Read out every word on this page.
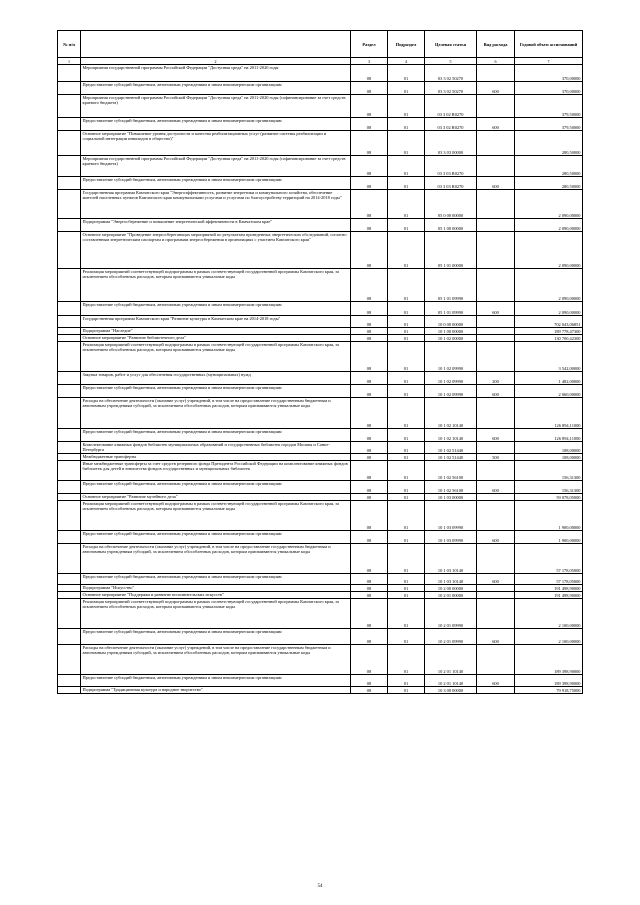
№ п/п		Раздел	Подраздел	Целевая статья	Вид расхода	Годовой объем ассигнований
1	2	3	4	5	6	7
	Мероприятия государственной программы Российской Федерации "Доступная среда" на 2011-2020 годы	08	01	03 3 02 50270		370,00000
	Предоставление субсидий бюджетным, автономным учреждениям и иным некоммерческим организациям	08	01	03 3 02 50270	600	370,00000
	Мероприятия государственной программы Российской Федерации "Доступная среда" на 2011-2020 годы (софинансирование за счет средств краевого бюджета)	08	01	03 3 02 R0270		379,50000
	Предоставление субсидий бюджетным, автономным учреждениям и иным некоммерческим организациям	08	01	03 3 02 R0270	600	379,50000
	Основное мероприятие "Повышение уровня доступности и качества реабилитационных услуг (развитие системы реабилитации и социальной интеграции инвалидов в общество)"	08	01	03 3 03 00000		280,50000
	Мероприятия государственной программы Российской Федерации "Доступная среда" на 2011-2020 годы (софинансирование за счет средств краевого бюджета)	08	01	03 3 03 R0270		280,50000
	Предоставление субсидий бюджетным, автономным учреждениям и иным некоммерческим организациям	08	01	03 3 03 R0270	600	280,50000
	Государственная программа Камчатского края "Энергоэффективность, развитие энергетики и коммунального хозяйства, обеспечение жителей населенных пунктов Камчатского края коммунальными услугами и услугами по благоустройству территорий на 2014-2018 годы"	08	01	05 0 00 00000		2 090,00000
	Подпрограмма "Энергосбережение и повышение энергетической эффективности в Камчатском крае"	08	01	05 1 00 00000		2 090,00000
	Основное мероприятие "Проведение энергосберегающих мероприятий по результатам проведенных энергетических обследований, согласно составленным энергетическим паспортам и программам энергосбережения в организациях с участием Камчатского края"	08	01	05 1 01 00000		2 090,00000
	Реализация мероприятий соответствующей подпрограммы в рамках соответствующей государственной программы Камчатского края, за исключением обособленных расходов, которым присваиваются уникальные коды	08	01	05 1 01 09990		2 090,00000
	Предоставление субсидий бюджетным, автономным учреждениям и иным некоммерческим организациям	08	01	05 1 01 09990	600	2 090,00000
	Государственная программа Камчатского края "Развитие культуры в Камчатском крае на 2014-2018 годы"	08	01	10 0 00 00000		702 043,06851
	Подпрограмма "Наследие"	08	01	10 1 00 00000		189 778,47300
	Основное мероприятие "Развитие библиотечного дела"	08	01	10 1 02 00000		130 700,42300
	Реализация мероприятий соответствующей подпрограммы в рамках соответствующей государственной программы Камчатского края, за исключением обособленных расходов, которым присваиваются уникальные коды	08	01	10 1 02 09990		3 542,00000
	Закупка товаров, работ и услуг для обеспечения государственных (муниципальных) нужд	08	01	10 1 02 09990	200	1 482,00000
	Предоставление субсидий бюджетным, автономным учреждениям и иным некоммерческим организациям	08	01	10 1 02 09990	600	2 060,00000
	Расходы на обеспечение деятельности (оказание услуг) учреждений, в том числе на предоставление государственным бюджетным и автономным учреждениям субсидий, за исключением обособленных расходов, которым присваиваются уникальные коды	08	01	10 1 02 10140		126 894,11000
	Предоставление субсидий бюджетным, автономным учреждениям и иным некоммерческим организациям	08	01	10 1 02 10140	600	126 894,11000
	Комплектование книжных фондов библиотек муниципальных образований и государственных библиотек городов Москвы и Санкт-Петербурга	08	01	10 1 02 51440		108,00000
	Межбюджетные трансферты	08	01	10 1 02 51440	500	108,00000
	Иные межбюджетные трансферты за счет средств резервного фонда Президента Российской Федерации на комплектование книжных фондов библиотек для детей и юношества фондов государственных и муниципальных библиотек	08	01	10 1 02 56100		156,31300
	Предоставление субсидий бюджетным, автономным учреждениям и иным некоммерческим организациям	08	01	10 1 02 56100	600	156,31300
	Основное мероприятие "Развитие музейного дела"	08	01	10 1 03 00000		59 078,05000
	Реализация мероприятий соответствующей подпрограммы в рамках соответствующей государственной программы Камчатского края, за исключением обособленных расходов, которым присваиваются уникальные коды	08	01	10 1 03 09990		1 900,00000
	Предоставление субсидий бюджетным, автономным учреждениям и иным некоммерческим организациям	08	01	10 1 03 09990	600	1 900,00000
	Расходы на обеспечение деятельности (оказание услуг) учреждений, в том числе на предоставление государственным бюджетным и автономным учреждениям субсидий, за исключением обособленных расходов, которым присваиваются уникальные коды	08	01	10 1 03 10140		57 178,05000
	Предоставление субсидий бюджетным, автономным учреждениям и иным некоммерческим организациям	08	01	10 1 03 10140	600	57 178,05000
	Подпрограмма "Искусство"	08	01	10 2 00 00000		191 498,90000
	Основное мероприятие "Поддержка и развитие исполнительских искусств"	08	01	10 2 01 00000		191 498,90000
	Реализация мероприятий соответствующей подпрограммы в рамках соответствующей государственной программы Камчатского края, за исключением обособленных расходов, которым присваиваются уникальные коды	08	01	10 2 01 09990		2 100,00000
	Предоставление субсидий бюджетным, автономным учреждениям и иным некоммерческим организациям	08	01	10 2 01 09990	600	2 100,00000
	Расходы на обеспечение деятельности (оказание услуг) учреждений, в том числе на предоставление государственным бюджетным и автономным учреждениям субсидий, за исключением обособленных расходов, которым присваиваются уникальные коды	08	01	10 2 01 10140		189 398,90000
	Предоставление субсидий бюджетным, автономным учреждениям и иным некоммерческим организациям	08	01	10 2 01 10140	600	189 398,90000
	Подпрограмма "Традиционная культура и народное творчество"	08	01	10 3 00 00000		79 918,75000
54
